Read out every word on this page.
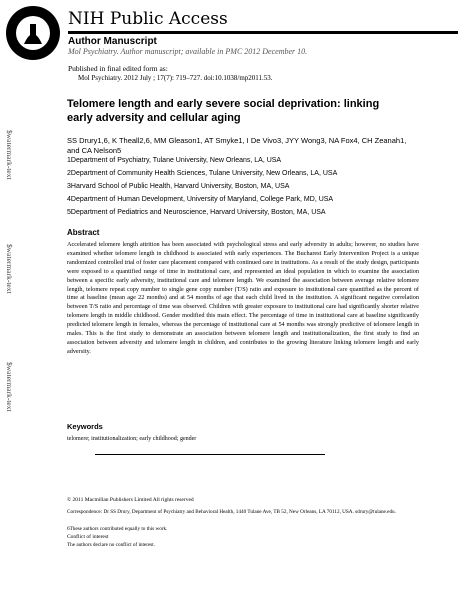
NIH Public Access
Author Manuscript
Mol Psychiatry. Author manuscript; available in PMC 2012 December 10.
Published in final edited form as:
Mol Psychiatry. 2012 July ; 17(7): 719–727. doi:10.1038/mp2011.53.
Telomere length and early severe social deprivation: linking early adversity and cellular aging
SS Drury1,6, K Theall2,6, MM Gleason1, AT Smyke1, I De Vivo3, JYY Wong3, NA Fox4, CH Zeanah1, and CA Nelson5
1Department of Psychiatry, Tulane University, New Orleans, LA, USA
2Department of Community Health Sciences, Tulane University, New Orleans, LA, USA
3Harvard School of Public Health, Harvard University, Boston, MA, USA
4Department of Human Development, University of Maryland, College Park, MD, USA
5Department of Pediatrics and Neuroscience, Harvard University, Boston, MA, USA
$watermark-text
$watermark-text
$watermark-text
Abstract
Accelerated telomere length attrition has been associated with psychological stress and early adversity in adults; however, no studies have examined whether telomere length in childhood is associated with early experiences. The Bucharest Early Intervention Project is a unique randomized controlled trial of foster care placement compared with continued care in institutions. As a result of the study design, participants were exposed to a quantified range of time in institutional care, and represented an ideal population in which to examine the association between a specific early adversity, institutional care and telomere length. We examined the association between average relative telomere length, telomere repeat copy number to single gene copy number (T/S) ratio and exposure to institutional care quantified as the percent of time at baseline (mean age 22 months) and at 54 months of age that each child lived in the institution. A significant negative correlation between T/S ratio and percentage of time was observed. Children with greater exposure to institutional care had significantly shorter relative telomere length in middle childhood. Gender modified this main effect. The percentage of time in institutional care at baseline significantly predicted telomere length in females, whereas the percentage of institutional care at 54 months was strongly predictive of telomere length in males. This is the first study to demonstrate an association between telomere length and institutionalization, the first study to find an association between adversity and telomere length in children, and contributes to the growing literature linking telomere length and early adversity.
Keywords
telomere; institutionalization; early childhood; gender
© 2011 Macmillan Publishers Limited All rights reserved
Correspondence: Dr SS Drury, Department of Psychiatry and Behavioral Health, 1440 Tulane Ave, TB 52, New Orleans, LA 70112, USA. sdrury@tulane.edu.
6These authors contributed equally to this work.
Conflict of interest
The authors declare no conflict of interest.
